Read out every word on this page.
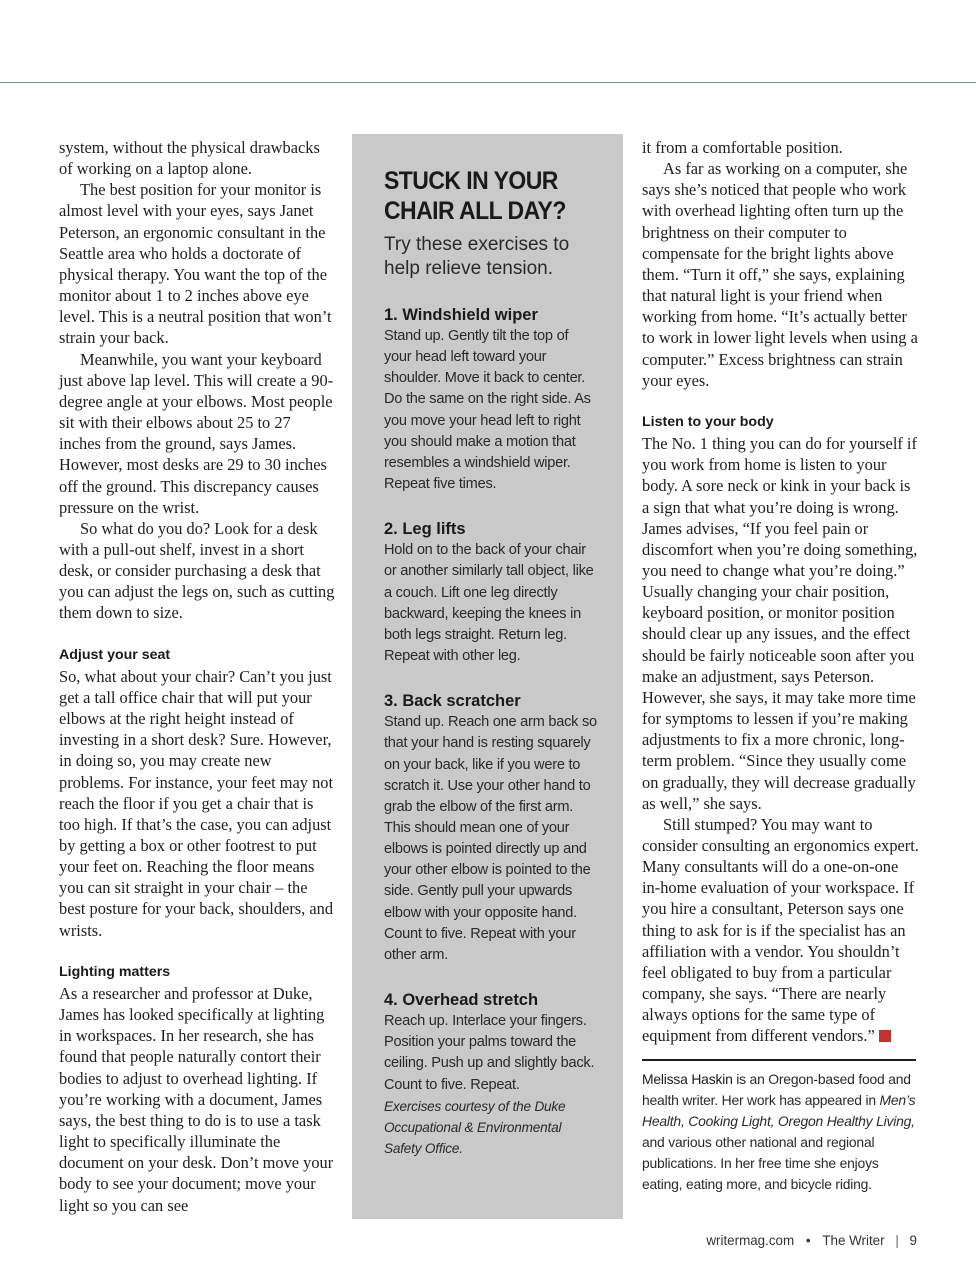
system, without the physical drawbacks of working on a laptop alone.

The best position for your monitor is almost level with your eyes, says Janet Peterson, an ergonomic consultant in the Seattle area who holds a doctorate of physical therapy. You want the top of the monitor about 1 to 2 inches above eye level. This is a neutral position that won’t strain your back.

Meanwhile, you want your keyboard just above lap level. This will create a 90-degree angle at your elbows. Most people sit with their elbows about 25 to 27 inches from the ground, says James. However, most desks are 29 to 30 inches off the ground. This discrepancy causes pressure on the wrist.

So what do you do? Look for a desk with a pull-out shelf, invest in a short desk, or consider purchasing a desk that you can adjust the legs on, such as cutting them down to size.

Adjust your seat

So, what about your chair? Can’t you just get a tall office chair that will put your elbows at the right height instead of investing in a short desk? Sure. However, in doing so, you may create new problems. For instance, your feet may not reach the floor if you get a chair that is too high. If that’s the case, you can adjust by getting a box or other footrest to put your feet on. Reaching the floor means you can sit straight in your chair – the best posture for your back, shoulders, and wrists.

Lighting matters

As a researcher and professor at Duke, James has looked specifically at lighting in workspaces. In her research, she has found that people naturally contort their bodies to adjust to overhead lighting. If you’re working with a document, James says, the best thing to do is to use a task light to specifically illuminate the document on your desk. Don’t move your body to see your document; move your light so you can see

STUCK IN YOUR CHAIR ALL DAY?

Try these exercises to help relieve tension.

1. Windshield wiper

Stand up. Gently tilt the top of your head left toward your shoulder. Move it back to center. Do the same on the right side. As you move your head left to right you should make a motion that resembles a windshield wiper. Repeat five times.

2. Leg lifts

Hold on to the back of your chair or another similarly tall object, like a couch. Lift one leg directly backward, keeping the knees in both legs straight. Return leg. Repeat with other leg.

3. Back scratcher

Stand up. Reach one arm back so that your hand is resting squarely on your back, like if you were to scratch it. Use your other hand to grab the elbow of the first arm. This should mean one of your elbows is pointed directly up and your other elbow is pointed to the side. Gently pull your upwards elbow with your opposite hand. Count to five. Repeat with your other arm.

4. Overhead stretch

Reach up. Interlace your fingers. Position your palms toward the ceiling. Push up and slightly back. Count to five. Repeat.

Exercises courtesy of the Duke Occupational & Environmental Safety Office.

it from a comfortable position.

As far as working on a computer, she says she’s noticed that people who work with overhead lighting often turn up the brightness on their computer to compensate for the bright lights above them. “Turn it off,” she says, explaining that natural light is your friend when working from home. “It’s actually better to work in lower light levels when using a computer.” Excess brightness can strain your eyes.

Listen to your body

The No. 1 thing you can do for yourself if you work from home is listen to your body. A sore neck or kink in your back is a sign that what you’re doing is wrong. James advises, “If you feel pain or discomfort when you’re doing something, you need to change what you’re doing.” Usually changing your chair position, keyboard position, or monitor position should clear up any issues, and the effect should be fairly noticeable soon after you make an adjustment, says Peterson. However, she says, it may take more time for symptoms to lessen if you’re making adjustments to fix a more chronic, long-term problem. “Since they usually come on gradually, they will decrease gradually as well,” she says.

Still stumped? You may want to consider consulting an ergonomics expert. Many consultants will do a one-on-one in-home evaluation of your workspace. If you hire a consultant, Peterson says one thing to ask for is if the specialist has an affiliation with a vendor. You shouldn’t feel obligated to buy from a particular company, she says. “There are nearly always options for the same type of equipment from different vendors.”W

Melissa Haskin is an Oregon-based food and health writer. Her work has appeared in Men’s Health, Cooking Light, Oregon Healthy Living, and various other national and regional publications. In her free time she enjoys eating, eating more, and bicycle riding.

writermag.com • The Writer | 9
